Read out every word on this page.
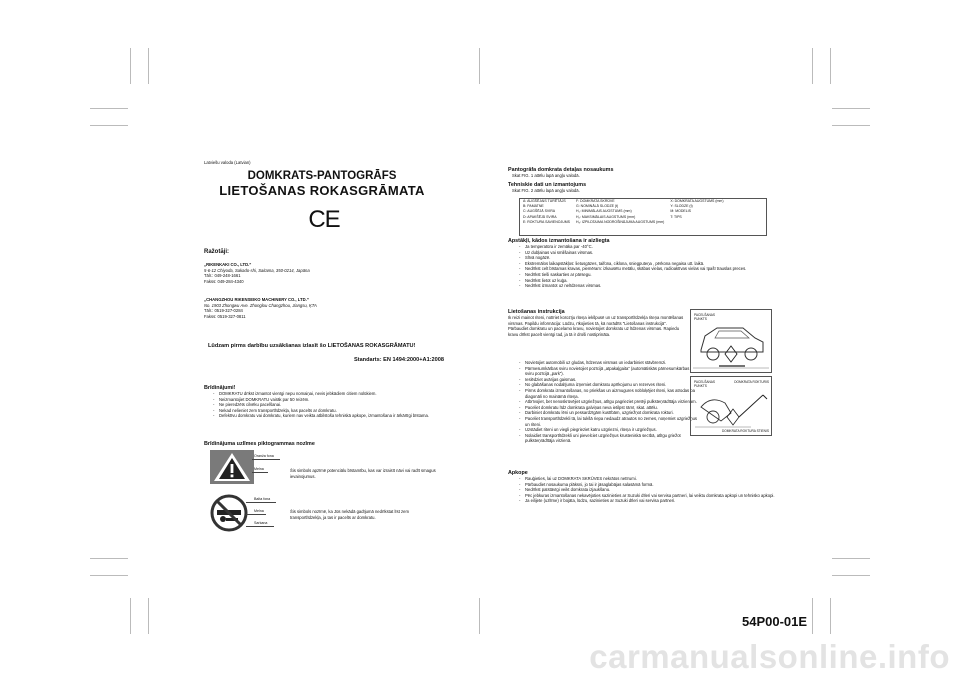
Latviešu valoda (Latvian)
DOMKRATS-PANTOGRĀFS
LIETOŠANAS ROKASGRĀMATA
CE
Ražotāji:
„RIKENKAKI CO., LTD.”
5-6-12 Chiyoda, Sakado-shi, Saitama, 350-0214, Japāna
Tālr.: 049-248-1661
Fakss: 049-284-4340
„CHANGZHOU RIKENSEIKO MACHINERY CO., LTD.”
No. 1903 Zhongwu Ave. Zhonglou Changzhou, Jiangsu, ĶTA
Tālr.: 0519-327-0284
Fakss: 0519-327-0811
Lūdzam pirms darbību uzsākšanas izlasīt šo LIETOŠANAS ROKASGRĀMATU!
Standarts: EN 1494:2000+A1:2008
Brīdinājumi!
- DOMKRATU drīkst izmantot vienīgi nepu nomaiņai, nevis jebkādiem citiem nolūkiem.
- Neizmantojiet DOMKRATU vairāk par 50 reizēm.
- Ne pieredzēts cilvēku pacelšanai.
- Nekad nelieniet zem transportlīdzekļa, kas pacelts ar domkratu.
- Defektīvu domkratu vai domkratu, kuriem nav veikta atbilstoša tehniskā apkope, izmantošana ir ārkārtīgi bīstama.
Brīdinājuma uzlīmes piktogrammas nozīme
Oranža fona
Melna	Šis simbols apzīmē potenciālu bīstamību, kas var izraisīt nāvi vai radīt smagus ievainojumus.
Balta fona
Melna
Sarkana
Šis simbols nozīmē, ka Jūs nekādā gadījumā nedrīkstat līst zem transportlīdzekļa, ja tas ir pacelts ar domkratu.
Pantogrāfa domkrata detaļas nosaukums
Skat FIG. 1 attēlu lapā angļu valodā.
Tehniskie dati un izmantojums
Skat FIG. 2 attēlu lapā angļu valodā.
A: AUGŠĒJAIS TURĒTĀJS	F: DOMKRATA SKRŪVE	X: DOMKRATA AUGSTUMS (mm)
B: PAMATNE	G: NOMINĀLĀ SLODZE (t)	Y: SLODZE (t)
C: AUGŠĒJĀ SVIRA	H₁: MINIMĀLAIS AUGSTUMS (mm)	M: MODELIS
D: APAKŠĒJĀ SVIRA	H₂: MAKSIMĀLAIS AUGSTUMS (mm)	T: TIPS
E: ROKTURA SAVIENOJUMS	H₃: IZPILDĪJUMA NODROŠINĀJUMA AUGSTUMS (mm)	
Apstākļi, kādos izmantošana ir aizliegta
- Ja temperatūra ir zemāka par -40°C.
- Uz dubļainas vai smilšainas virsmas.
- Slīvā nogāzē.
- Ekstremālos laikapstākļos: lietusgāzes, taifūna, ciklona, sniegputeņa , pērkona negaisa utt. laikā.
- Nedrīkst celt bīstamas kravas, piemēram: izkausētu metālu, skābas vielas, radioaktīvas vielas vai īpašī trauslas preces.
- Nedrīkst tieši saskarties ar pārsegu.
- Nedrīkst lietot uz kuģa.
- Nedrīkst izmantot uz nelīdzenas virsmas.
Lietošanas instrukcija
Ik reizi mainot riteni, notīriet korozīju riteņa iekšpusē un uz transportlīdzekļa riteņa montēšanas virsmas. Papildu informācija: Lūdzu, rīkojieties tā, kā norādīts "Lietošanas instrukcijā". Pārbaudiet domkratu un pacelamo kravu, novietojiet domkratu uz līdzenas virsmas. Rapiedu kravu drīkst pacelt vienīgi tad, ja tā ir droši nostiprināta.
- Novietojiet automobili uz gludas, līdzenas virsmas un iedarbiniet stāvbremzi.
- Pārmesumkārbas sviru novietojiet pozīcijā „atpakaļgaita” (automātiskās pārnesumkārbas sviru pozīcijā „park”).
- Ieslēdziet avārijas gaismas.
- No glabāšanas nodalījuma izņemiet domkratu aprīkojumu un rezerves riteni.
- Pirms domkrata izmantošanas, no priekšas un aizmugures nobloķējiet riteni, kas atrodas pa diagonāli no maināmā riteņa.
- Atbrīvojiet, bet nenoskrūvējiet uzgriežņus, atlīgu pagrieziet pretēji pulksteņrādītāja virzienam.
- Paceliet domkratu līdz domkrata galviņas neva ietilpst rāmī, skat. attēlu.
- Darbiniet domkratu lēni un pessardzīgām kustībām, uzgriežņot domkrata rokturi.
- Paceliet transportlīdzekli tā, lai tukšā riepa nedaudz atrautos no zemes, noņemiet uzgriežņus un riteni.
- Uzstādiet riteni un viegli piegrieziet katru uzgriezni, riteņa ir uzgriežņus.
- Nolaidiet transportlīdzekli uni pievelciet uzgriežņus krusteniskā secībā, atlīgu griežot pulksteņrādītāja virzienā.
PACELŠANAS
PUNKTS
PACELŠANAS
PUNKTS
DOMKRATA ROKTURIS
DOMKRATA ROKTURA STIENIS
Apkope
- Rauģieties, lai uz DOMKRATA SKRŪVES nekrātos netīrumi.
- Pārbaudiet nosaukuma plāksni, jo tai ir jāsaglabājas salasāmā formā.
- Nedrīkst patstāvīgi veikt domkrata izjaukšanu.
- Pēc jebkuras izmantošanas nekavējoties sazinieties ar Suzuki dīleri vai servisa partneri, lai veiktu domkrata apkopi un tehnisko apkopi.
- Ja eilijete (uzlīme) ir bojāta, lūdzu, sazinieties ar Suzuki dīleri vai servisa partneri.
54P00-01E
carmanualsonline.info
